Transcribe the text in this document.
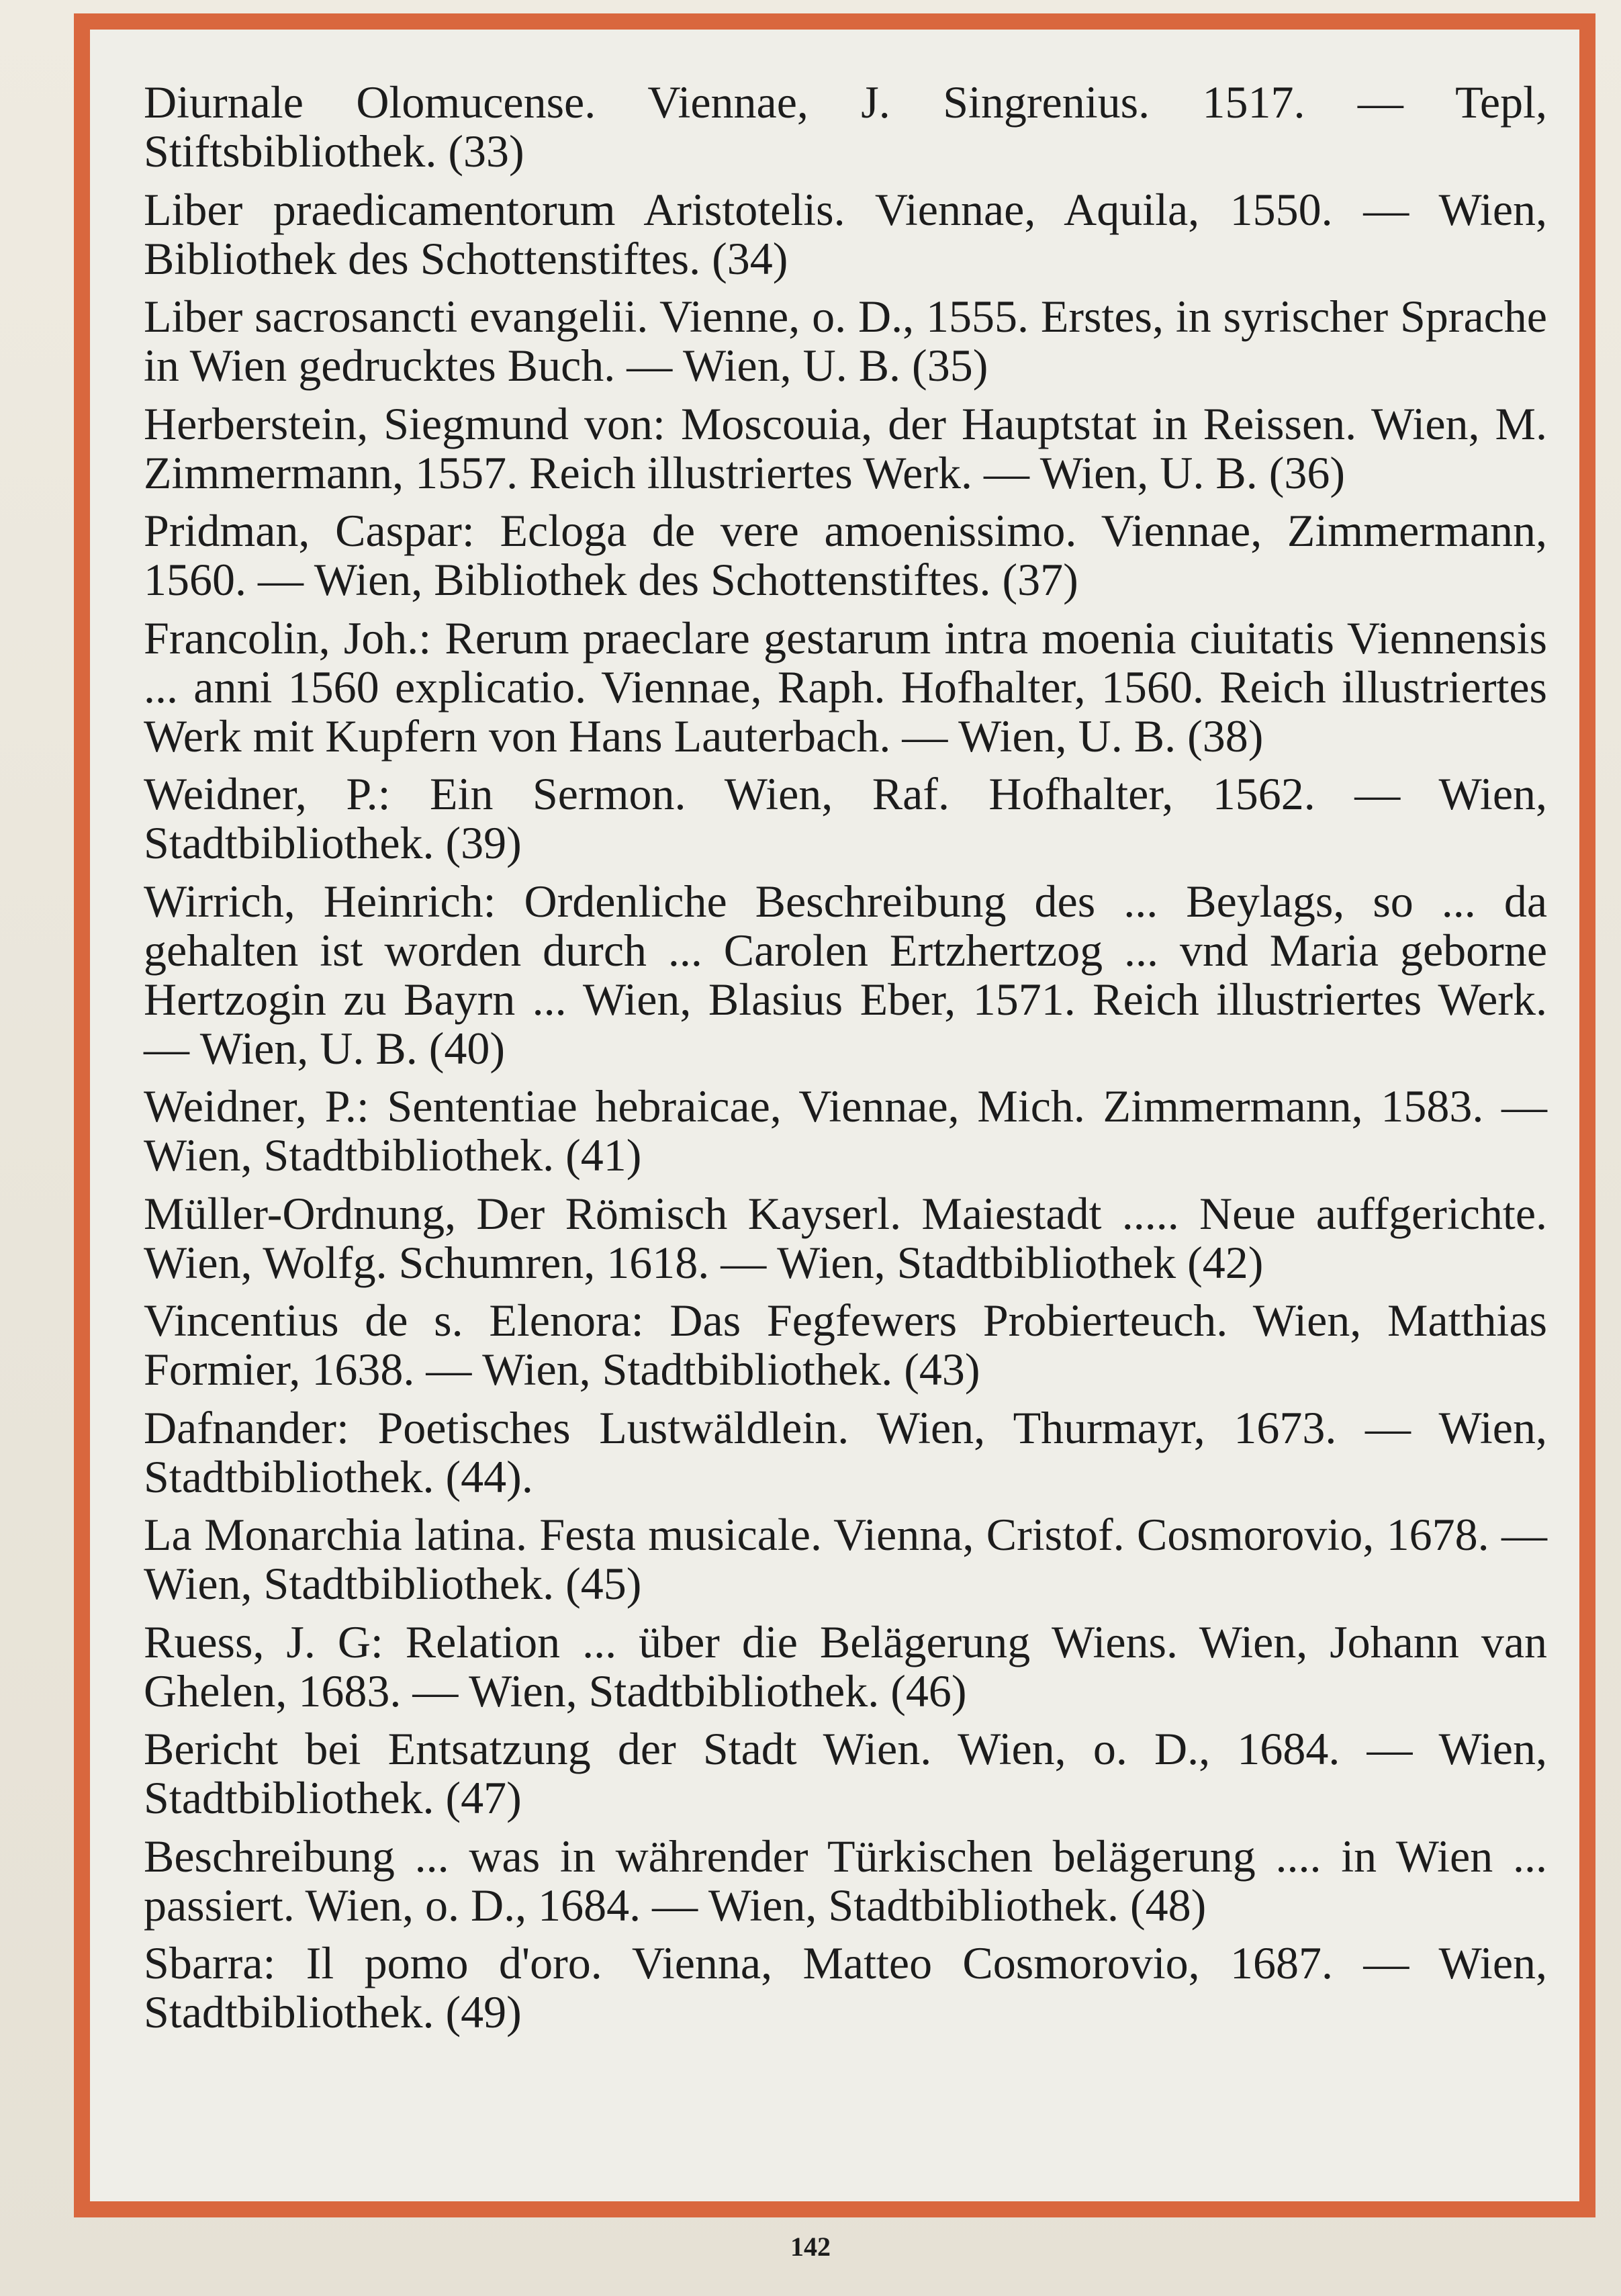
Diurnale Olomucense. Viennae, J. Singrenius. 1517. — Tepl, Stiftsbibliothek. (33)

Liber praedicamentorum Aristotelis. Viennae, Aquila, 1550. — Wien, Bibliothek des Schottenstiftes. (34)

Liber sacrosancti evangelii. Vienne, o. D., 1555. Erstes, in syrischer Sprache in Wien gedrucktes Buch. — Wien, U. B. (35)

Herberstein, Siegmund von: Moscouia, der Hauptstat in Reissen. Wien, M. Zimmermann, 1557. Reich illustriertes Werk. — Wien, U. B. (36)

Pridman, Caspar: Ecloga de vere amoenissimo. Viennae, Zimmermann, 1560. — Wien, Bibliothek des Schottenstiftes. (37)

Francolin, Joh.: Rerum praeclare gestarum intra moenia ciuitatis Viennensis ... anni 1560 explicatio. Viennae, Raph. Hofhalter, 1560. Reich illustriertes Werk mit Kupfern von Hans Lauterbach. — Wien, U. B. (38)

Weidner, P.: Ein Sermon. Wien, Raf. Hofhalter, 1562. — Wien, Stadtbibliothek. (39)

Wirrich, Heinrich: Ordenliche Beschreibung des ... Beylags, so ... da gehalten ist worden durch ... Carolen Ertzhertzog ... vnd Maria geborne Hertzogin zu Bayrn ... Wien, Blasius Eber, 1571. Reich illustriertes Werk. — Wien, U. B. (40)

Weidner, P.: Sententiae hebraicae, Viennae, Mich. Zimmermann, 1583. — Wien, Stadtbibliothek. (41)

Müller-Ordnung, Der Römisch Kayserl. Maiestadt ..... Neue auffgerichte. Wien, Wolfg. Schumren, 1618. — Wien, Stadtbibliothek (42)

Vincentius de s. Elenora: Das Fegfewers Probierteuch. Wien, Matthias Formier, 1638. — Wien, Stadtbibliothek. (43)

Dafnander: Poetisches Lustwäldlein. Wien, Thurmayr, 1673. — Wien, Stadtbibliothek. (44).

La Monarchia latina. Festa musicale. Vienna, Cristof. Cosmorovio, 1678. — Wien, Stadtbibliothek. (45)

Ruess, J. G: Relation ... über die Belägerung Wiens. Wien, Johann van Ghelen, 1683. — Wien, Stadtbibliothek. (46)

Bericht bei Entsatzung der Stadt Wien. Wien, o. D., 1684. — Wien, Stadtbibliothek. (47)

Beschreibung ... was in währender Türkischen belägerung .... in Wien ... passiert. Wien, o. D., 1684. — Wien, Stadtbibliothek. (48)

Sbarra: Il pomo d'oro. Vienna, Matteo Cosmorovio, 1687. — Wien, Stadtbibliothek. (49)

142
